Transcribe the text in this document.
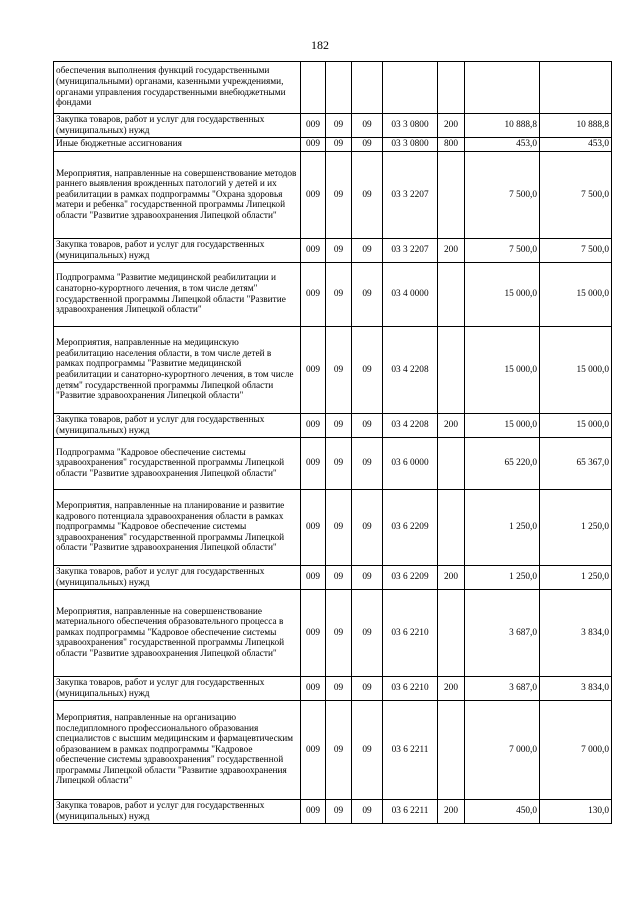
182
обеспечения выполнения функций государственными (муниципальными) органами, казенными учреждениями, органами управления государственными внебюджетными фондами							
Закупка товаров, работ и услуг для государственных (муниципальных) нужд	009	09	09	03 3 0800	200	10 888,8	10 888,8
Иные бюджетные ассигнования	009	09	09	03 3 0800	800	453,0	453,0
Мероприятия, направленные на совершенствование методов раннего выявления врожденных патологий у детей и их реабилитации в рамках подпрограммы "Охрана здоровья матери и ребенка" государственной программы Липецкой области "Развитие здравоохранения Липецкой области"	009	09	09	03 3 2207		7 500,0	7 500,0
Закупка товаров, работ и услуг для государственных (муниципальных) нужд	009	09	09	03 3 2207	200	7 500,0	7 500,0
Подпрограмма "Развитие медицинской реабилитации и санаторно-курортного лечения, в том числе детям" государственной программы Липецкой области "Развитие здравоохранения Липецкой области"	009	09	09	03 4 0000		15 000,0	15 000,0
Мероприятия, направленные на медицинскую реабилитацию населения области, в том числе детей в рамках подпрограммы "Развитие медицинской реабилитации и санаторно-курортного лечения, в том числе детям" государственной программы Липецкой области "Развитие здравоохранения Липецкой области"	009	09	09	03 4 2208		15 000,0	15 000,0
Закупка товаров, работ и услуг для государственных (муниципальных) нужд	009	09	09	03 4 2208	200	15 000,0	15 000,0
Подпрограмма "Кадровое обеспечение системы здравоохранения" государственной программы Липецкой области "Развитие здравоохранения Липецкой области"	009	09	09	03 6 0000		65 220,0	65 367,0
Мероприятия, направленные на планирование и развитие кадрового потенциала здравоохранения области в рамках подпрограммы "Кадровое обеспечение системы здравоохранения" государственной программы Липецкой области "Развитие здравоохранения Липецкой области"	009	09	09	03 6 2209		1 250,0	1 250,0
Закупка товаров, работ и услуг для государственных (муниципальных) нужд	009	09	09	03 6 2209	200	1 250,0	1 250,0
Мероприятия, направленные на совершенствование материального обеспечения образовательного процесса в рамках подпрограммы "Кадровое обеспечение системы здравоохранения" государственной программы Липецкой области "Развитие здравоохранения Липецкой области"	009	09	09	03 6 2210		3 687,0	3 834,0
Закупка товаров, работ и услуг для государственных (муниципальных) нужд	009	09	09	03 6 2210	200	3 687,0	3 834,0
Мероприятия, направленные на организацию последипломного профессионального образования специалистов с высшим медицинским и фармацевтическим образованием в рамках подпрограммы "Кадровое обеспечение системы здравоохранения" государственной программы Липецкой области "Развитие здравоохранения Липецкой области"	009	09	09	03 6 2211		7 000,0	7 000,0
Закупка товаров, работ и услуг для государственных (муниципальных) нужд	009	09	09	03 6 2211	200	450,0	130,0
